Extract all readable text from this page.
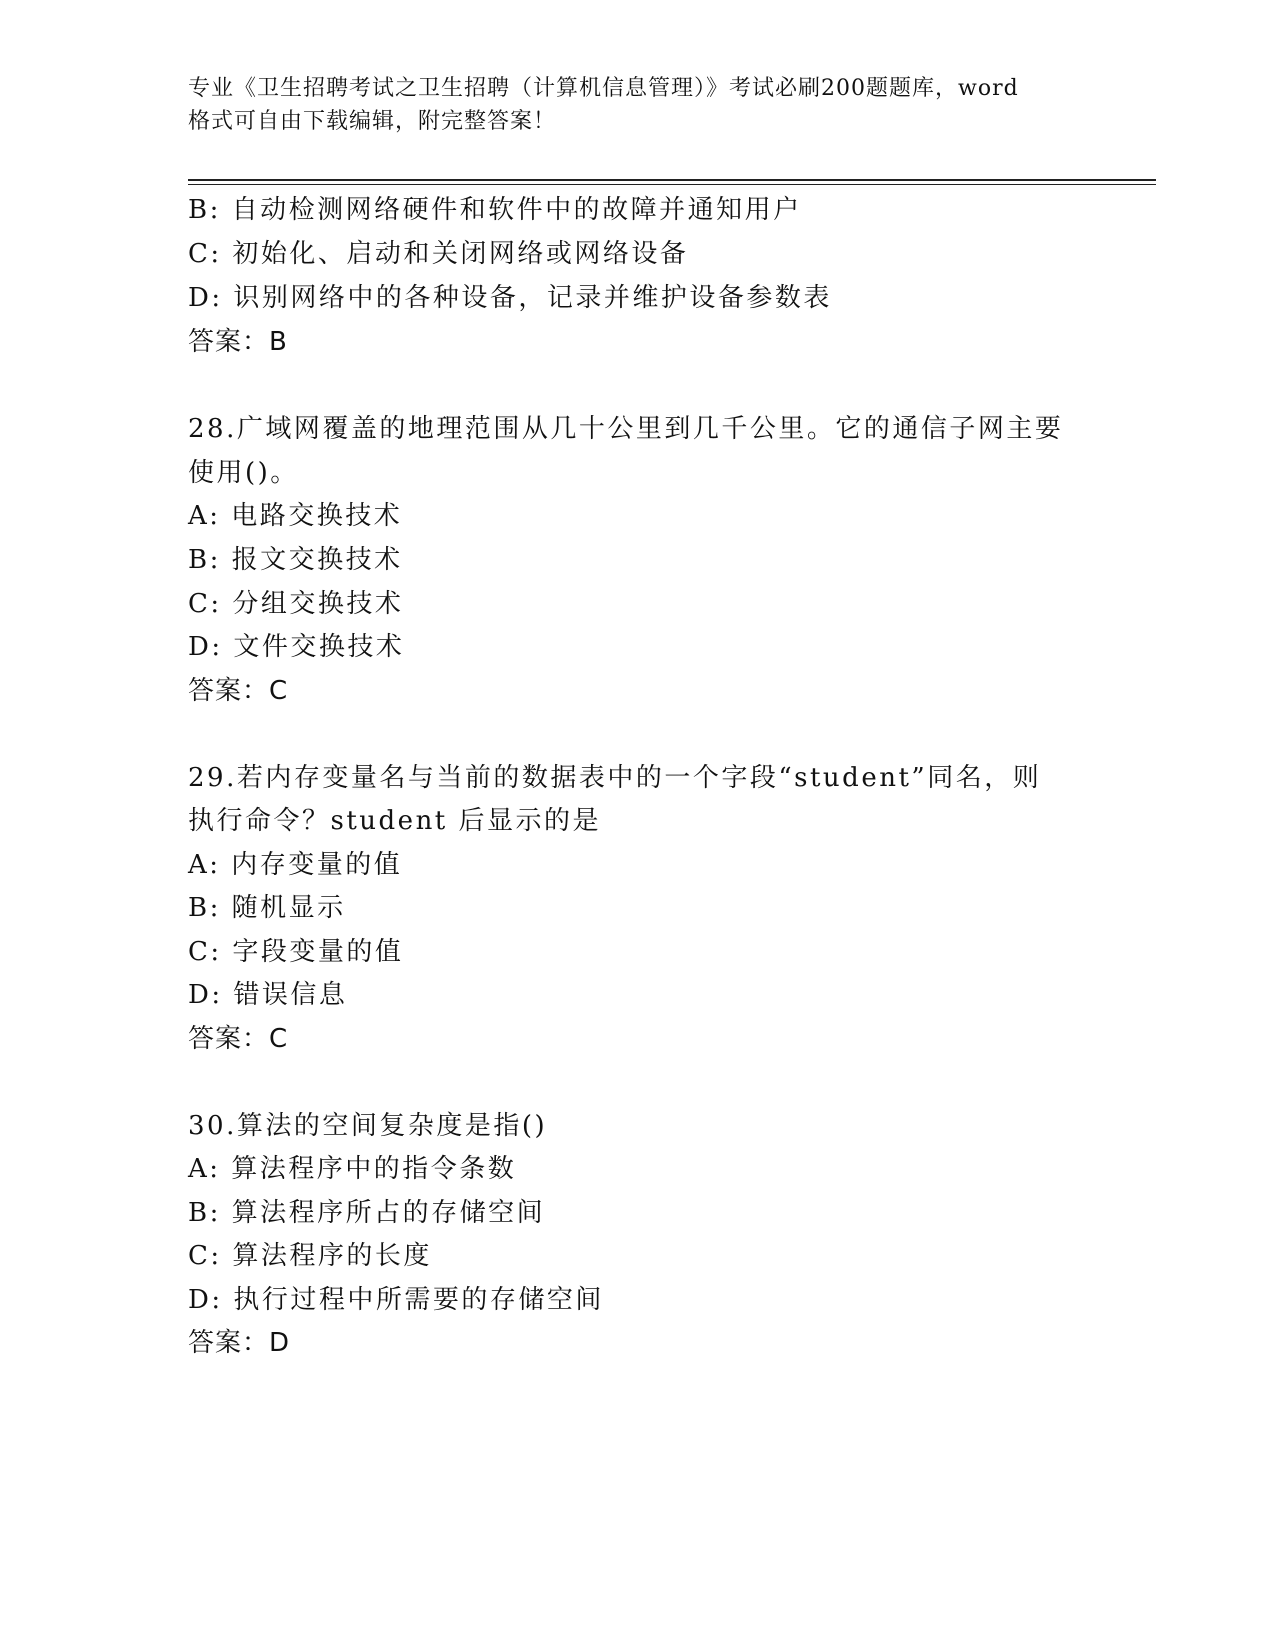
专业《卫生招聘考试之卫生招聘（计算机信息管理）》考试必刷200题题库，word
格式可自由下载编辑，附完整答案！
B: 自动检测网络硬件和软件中的故障并通知用户
C: 初始化、启动和关闭网络或网络设备
D: 识别网络中的各种设备，记录并维护设备参数表
答案：B
28.广域网覆盖的地理范围从几十公里到几千公里。它的通信子网主要
使用()。
A: 电路交换技术
B: 报文交换技术
C: 分组交换技术
D: 文件交换技术
答案：C
29.若内存变量名与当前的数据表中的一个字段“student”同名，则
执行命令？student 后显示的是
A: 内存变量的值
B: 随机显示
C: 字段变量的值
D: 错误信息
答案：C
30.算法的空间复杂度是指()
A: 算法程序中的指令条数
B: 算法程序所占的存储空间
C: 算法程序的长度
D: 执行过程中所需要的存储空间
答案：D
